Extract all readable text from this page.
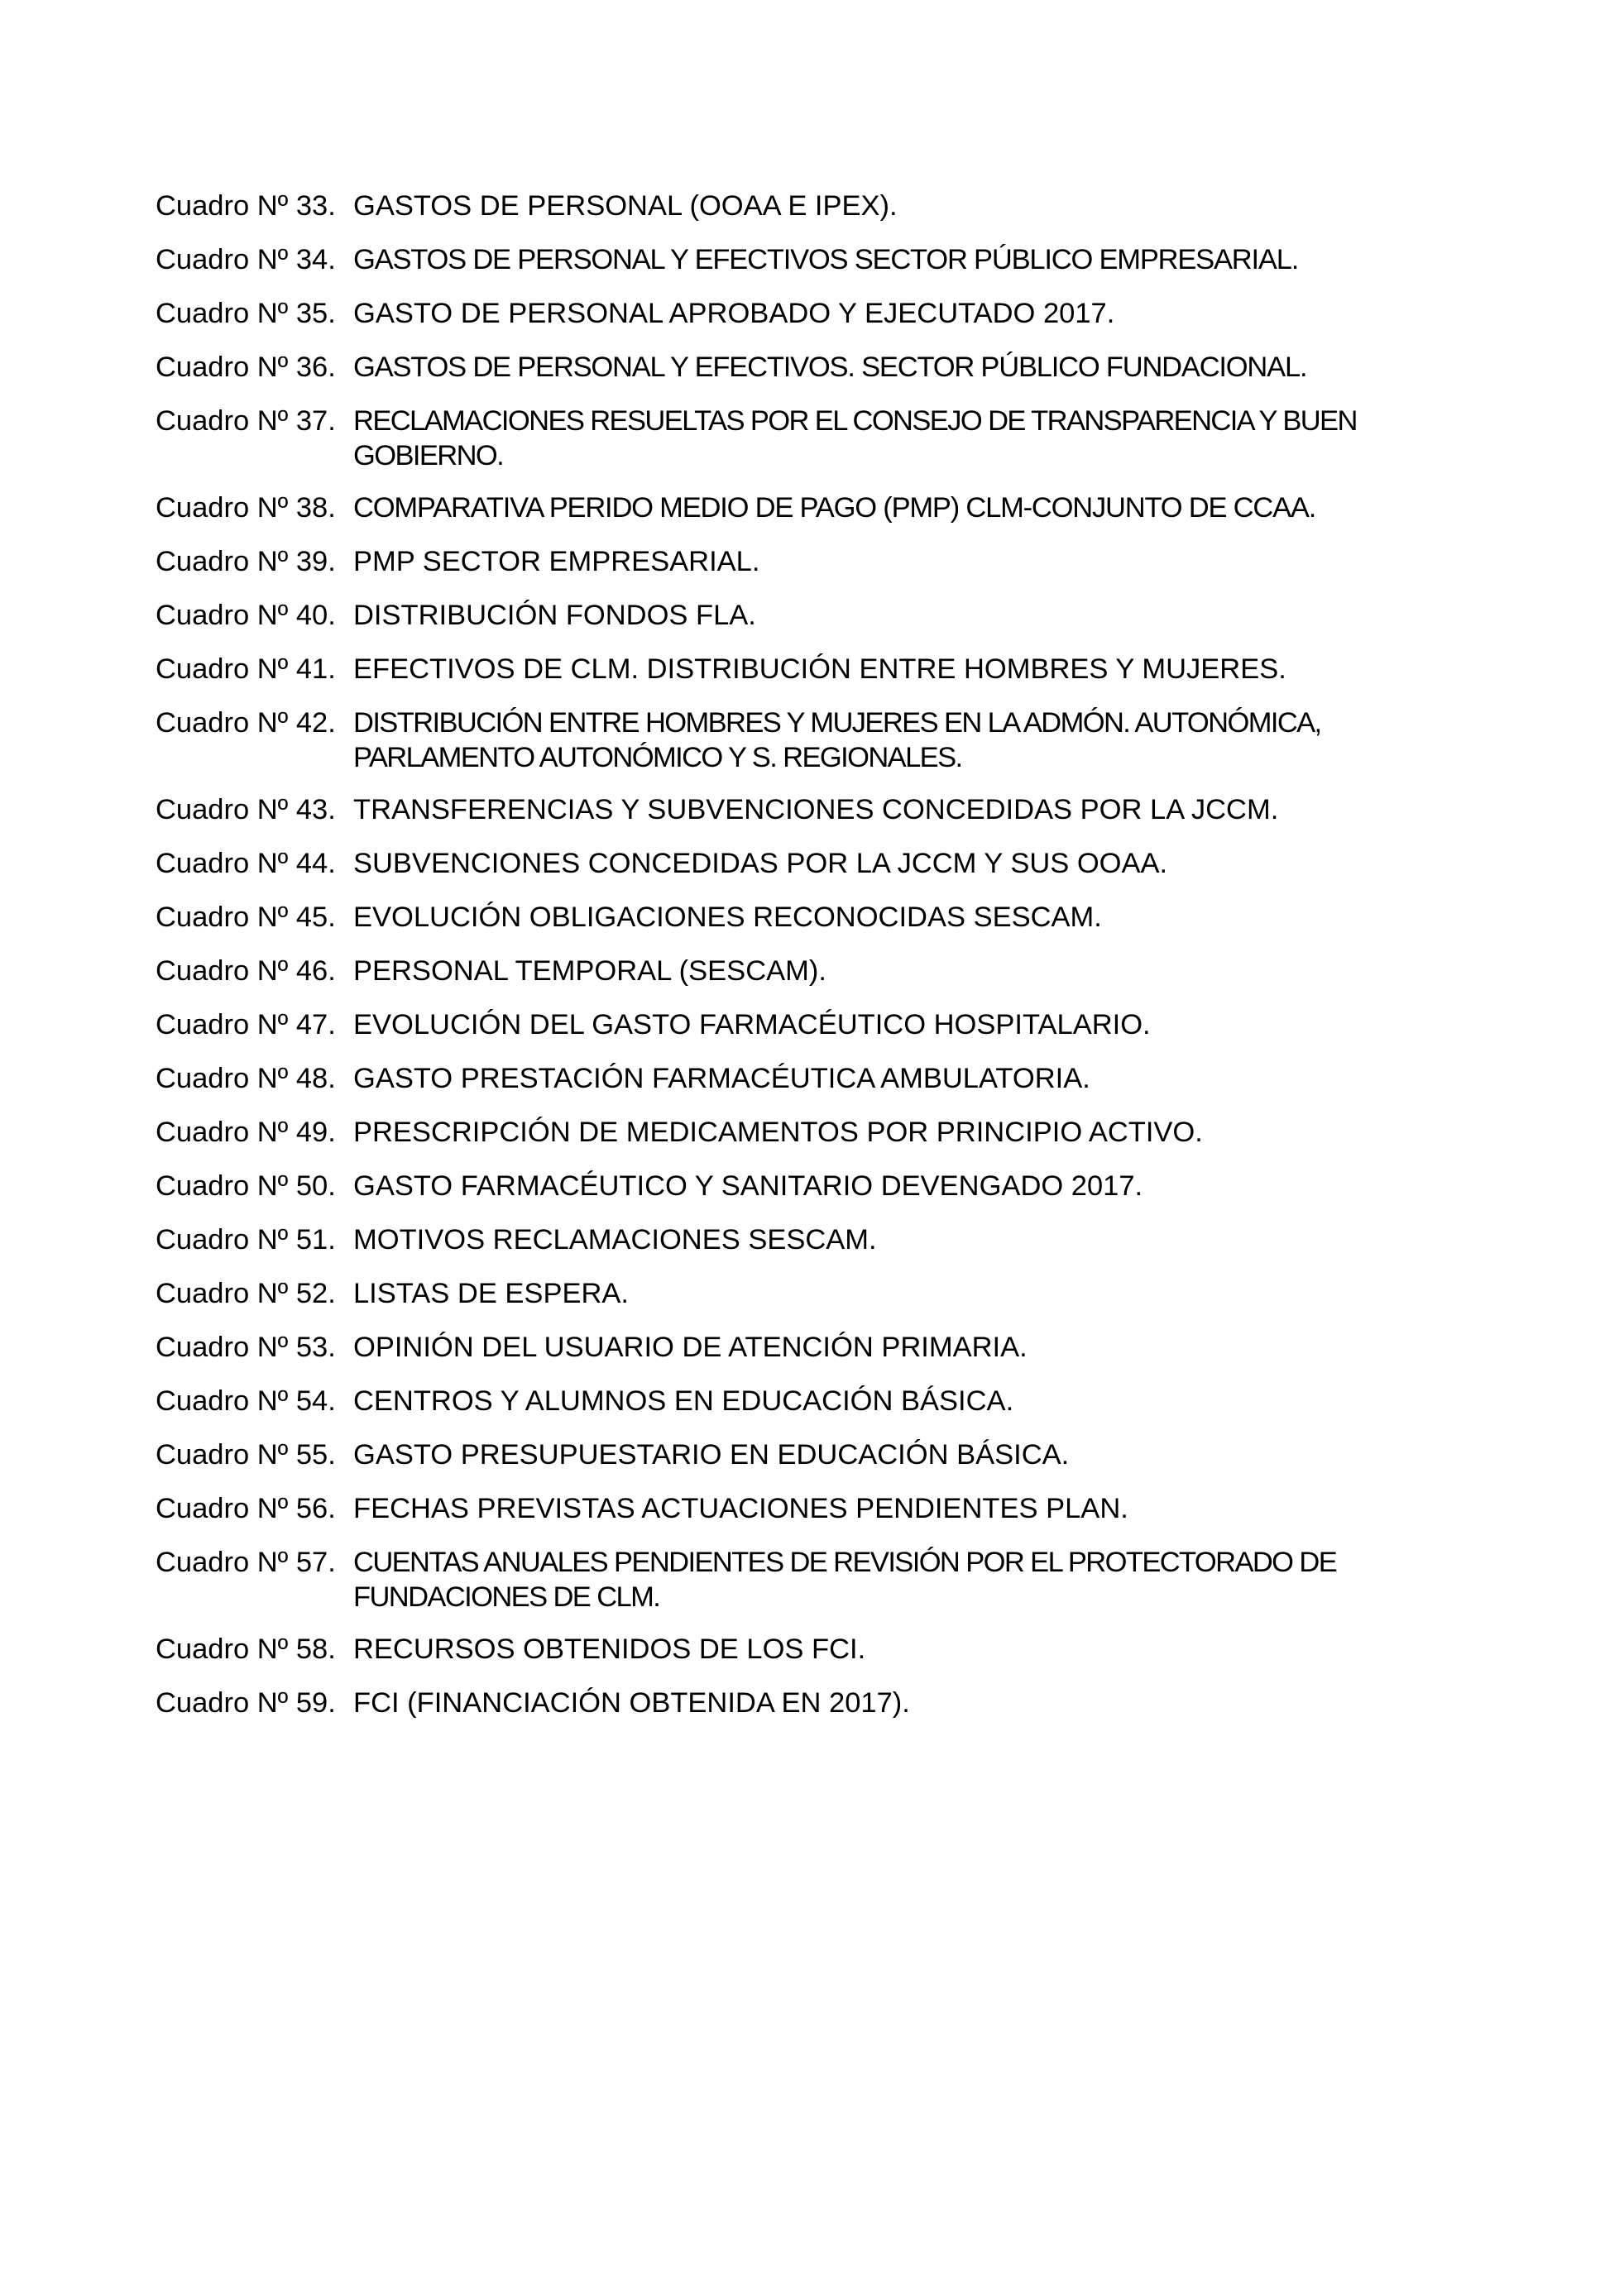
Cuadro Nº 33. GASTOS DE PERSONAL (OOAA E IPEX).
Cuadro Nº 34. GASTOS DE PERSONAL Y EFECTIVOS SECTOR PÚBLICO EMPRESARIAL.
Cuadro Nº 35. GASTO DE PERSONAL APROBADO Y EJECUTADO 2017.
Cuadro Nº 36. GASTOS DE PERSONAL Y EFECTIVOS. SECTOR PÚBLICO FUNDACIONAL.
Cuadro Nº 37. RECLAMACIONES RESUELTAS POR EL CONSEJO DE TRANSPARENCIA Y BUEN GOBIERNO.
Cuadro Nº 38. COMPARATIVA PERIDO MEDIO DE PAGO (PMP) CLM-CONJUNTO DE CCAA.
Cuadro Nº 39. PMP SECTOR EMPRESARIAL.
Cuadro Nº 40. DISTRIBUCIÓN FONDOS FLA.
Cuadro Nº 41. EFECTIVOS DE CLM. DISTRIBUCIÓN ENTRE HOMBRES Y MUJERES.
Cuadro Nº 42. DISTRIBUCIÓN ENTRE HOMBRES Y MUJERES EN LA ADMÓN. AUTONÓMICA, PARLAMENTO AUTONÓMICO Y S. REGIONALES.
Cuadro Nº 43. TRANSFERENCIAS Y SUBVENCIONES CONCEDIDAS POR LA JCCM.
Cuadro Nº 44. SUBVENCIONES CONCEDIDAS POR LA JCCM Y SUS OOAA.
Cuadro Nº 45. EVOLUCIÓN OBLIGACIONES RECONOCIDAS SESCAM.
Cuadro Nº 46. PERSONAL TEMPORAL (SESCAM).
Cuadro Nº 47. EVOLUCIÓN DEL GASTO FARMACÉUTICO HOSPITALARIO.
Cuadro Nº 48. GASTO PRESTACIÓN FARMACÉUTICA AMBULATORIA.
Cuadro Nº 49. PRESCRIPCIÓN DE MEDICAMENTOS POR PRINCIPIO ACTIVO.
Cuadro Nº 50. GASTO FARMACÉUTICO Y SANITARIO DEVENGADO 2017.
Cuadro Nº 51. MOTIVOS RECLAMACIONES SESCAM.
Cuadro Nº 52. LISTAS DE ESPERA.
Cuadro Nº 53. OPINIÓN DEL USUARIO DE ATENCIÓN PRIMARIA.
Cuadro Nº 54. CENTROS Y ALUMNOS EN EDUCACIÓN BÁSICA.
Cuadro Nº 55. GASTO PRESUPUESTARIO EN EDUCACIÓN BÁSICA.
Cuadro Nº 56. FECHAS PREVISTAS ACTUACIONES PENDIENTES PLAN.
Cuadro Nº 57. CUENTAS ANUALES PENDIENTES DE REVISIÓN POR EL PROTECTORADO DE FUNDACIONES DE CLM.
Cuadro Nº 58. RECURSOS OBTENIDOS DE LOS FCI.
Cuadro Nº 59. FCI (FINANCIACIÓN OBTENIDA EN 2017).
